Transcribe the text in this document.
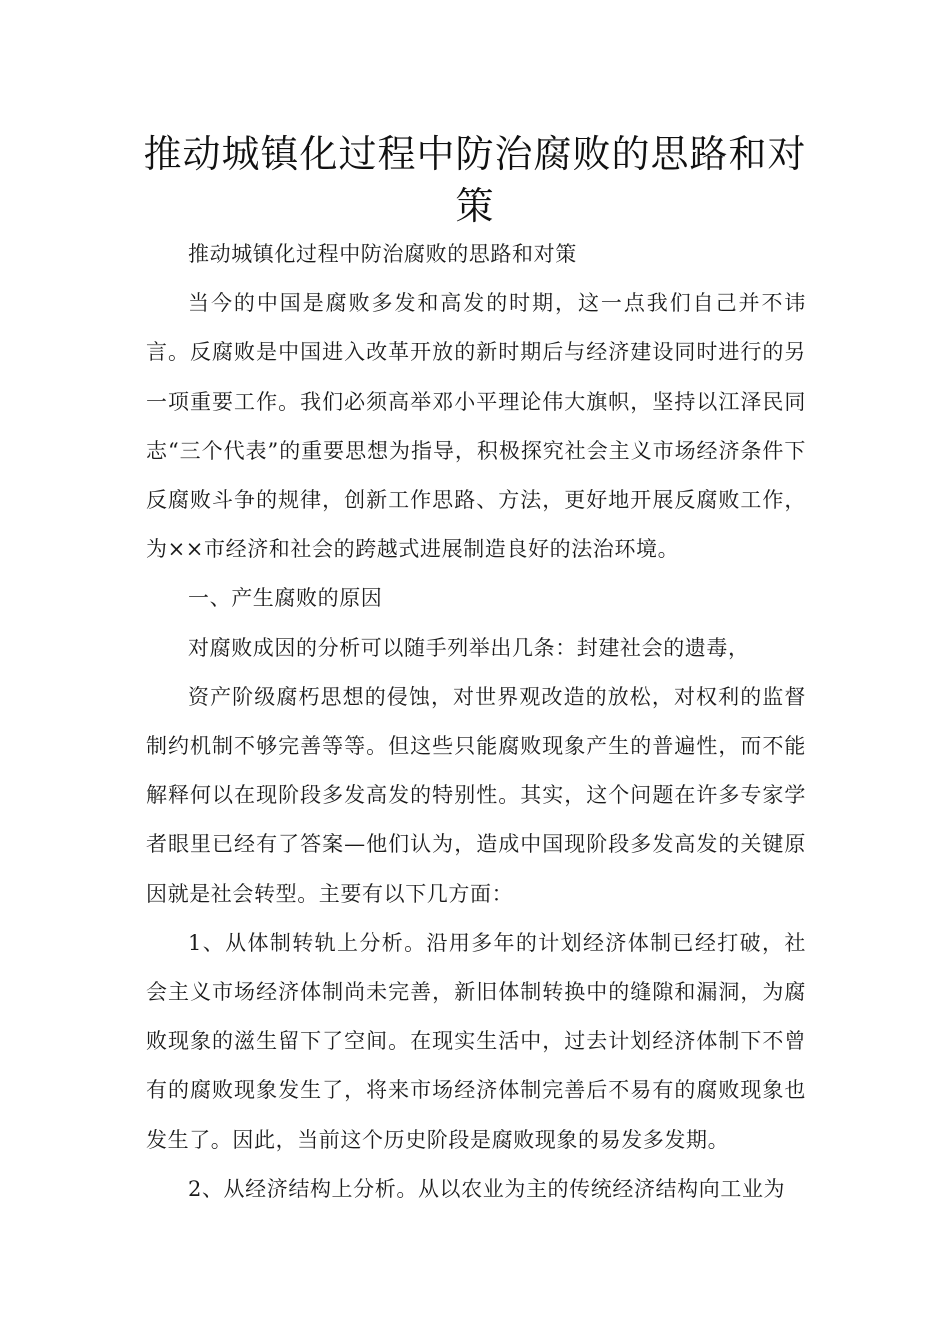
推动城镇化过程中防治腐败的思路和对策

推动城镇化过程中防治腐败的思路和对策

当今的中国是腐败多发和高发的时期，这一点我们自己并不讳言。反腐败是中国进入改革开放的新时期后与经济建设同时进行的另一项重要工作。我们必须高举邓小平理论伟大旗帜，坚持以江泽民同志“三个代表”的重要思想为指导，积极探究社会主义市场经济条件下反腐败斗争的规律，创新工作思路、方法，更好地开展反腐败工作，为××市经济和社会的跨越式进展制造良好的法治环境。

一、产生腐败的原因

对腐败成因的分析可以随手列举出几条：封建社会的遗毒，

资产阶级腐朽思想的侵蚀，对世界观改造的放松，对权利的监督制约机制不够完善等等。但这些只能腐败现象产生的普遍性，而不能解释何以在现阶段多发高发的特别性。其实，这个问题在许多专家学者眼里已经有了答案—他们认为，造成中国现阶段多发高发的关键原因就是社会转型。主要有以下几方面：

1、从体制转轨上分析。沿用多年的计划经济体制已经打破，社会主义市场经济体制尚未完善，新旧体制转换中的缝隙和漏洞，为腐败现象的滋生留下了空间。在现实生活中，过去计划经济体制下不曾有的腐败现象发生了，将来市场经济体制完善后不易有的腐败现象也发生了。因此，当前这个历史阶段是腐败现象的易发多发期。

2、从经济结构上分析。从以农业为主的传统经济结构向工业为
